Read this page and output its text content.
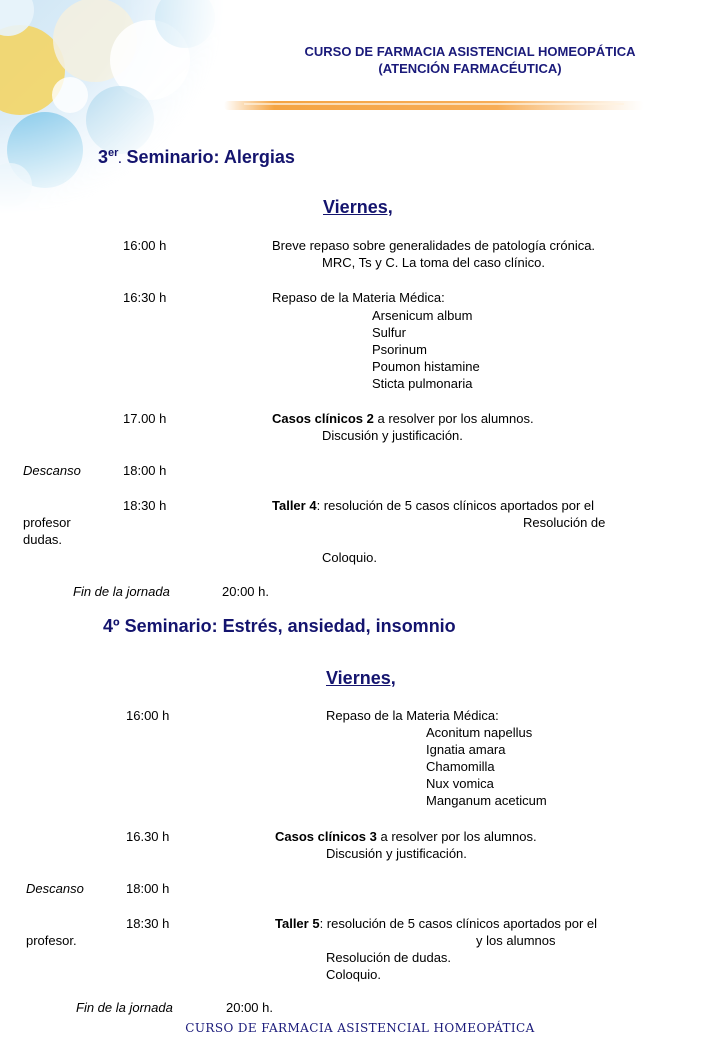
CURSO DE FARMACIA ASISTENCIAL HOMEOPÁTICA
(ATENCIÓN FARMACÉUTICA)
3er. Seminario: Alergias
Viernes,
16:00 h	Breve repaso sobre generalidades de patología crónica.
MRC, Ts y C. La toma del caso clínico.
16:30 h	Repaso de la Materia Médica:
Arsenicum album
Sulfur
Psorinum
Poumon histamine
Sticta pulmonaria
17.00 h	Casos clínicos 2 a resolver por los alumnos.
Discusión y justificación.
Descanso	18:00 h
18:30 h	Taller 4: resolución de 5 casos clínicos aportados por el
profesor	Resolución de
dudas.
Coloquio.
Fin de la jornada	20:00 h.
4º Seminario: Estrés, ansiedad, insomnio
Viernes,
16:00 h	Repaso de la Materia Médica:
Aconitum napellus
Ignatia amara
Chamomilla
Nux vomica
Manganum aceticum
16.30 h	Casos clínicos 3 a resolver por los alumnos.
Discusión y justificación.
Descanso	18:00 h
18:30 h	Taller 5: resolución de 5 casos clínicos aportados por el
profesor.	y los alumnos
Resolución de dudas.
Coloquio.
Fin de la jornada	20:00 h.
CURSO DE FARMACIA ASISTENCIAL HOMEOPÁTICA
